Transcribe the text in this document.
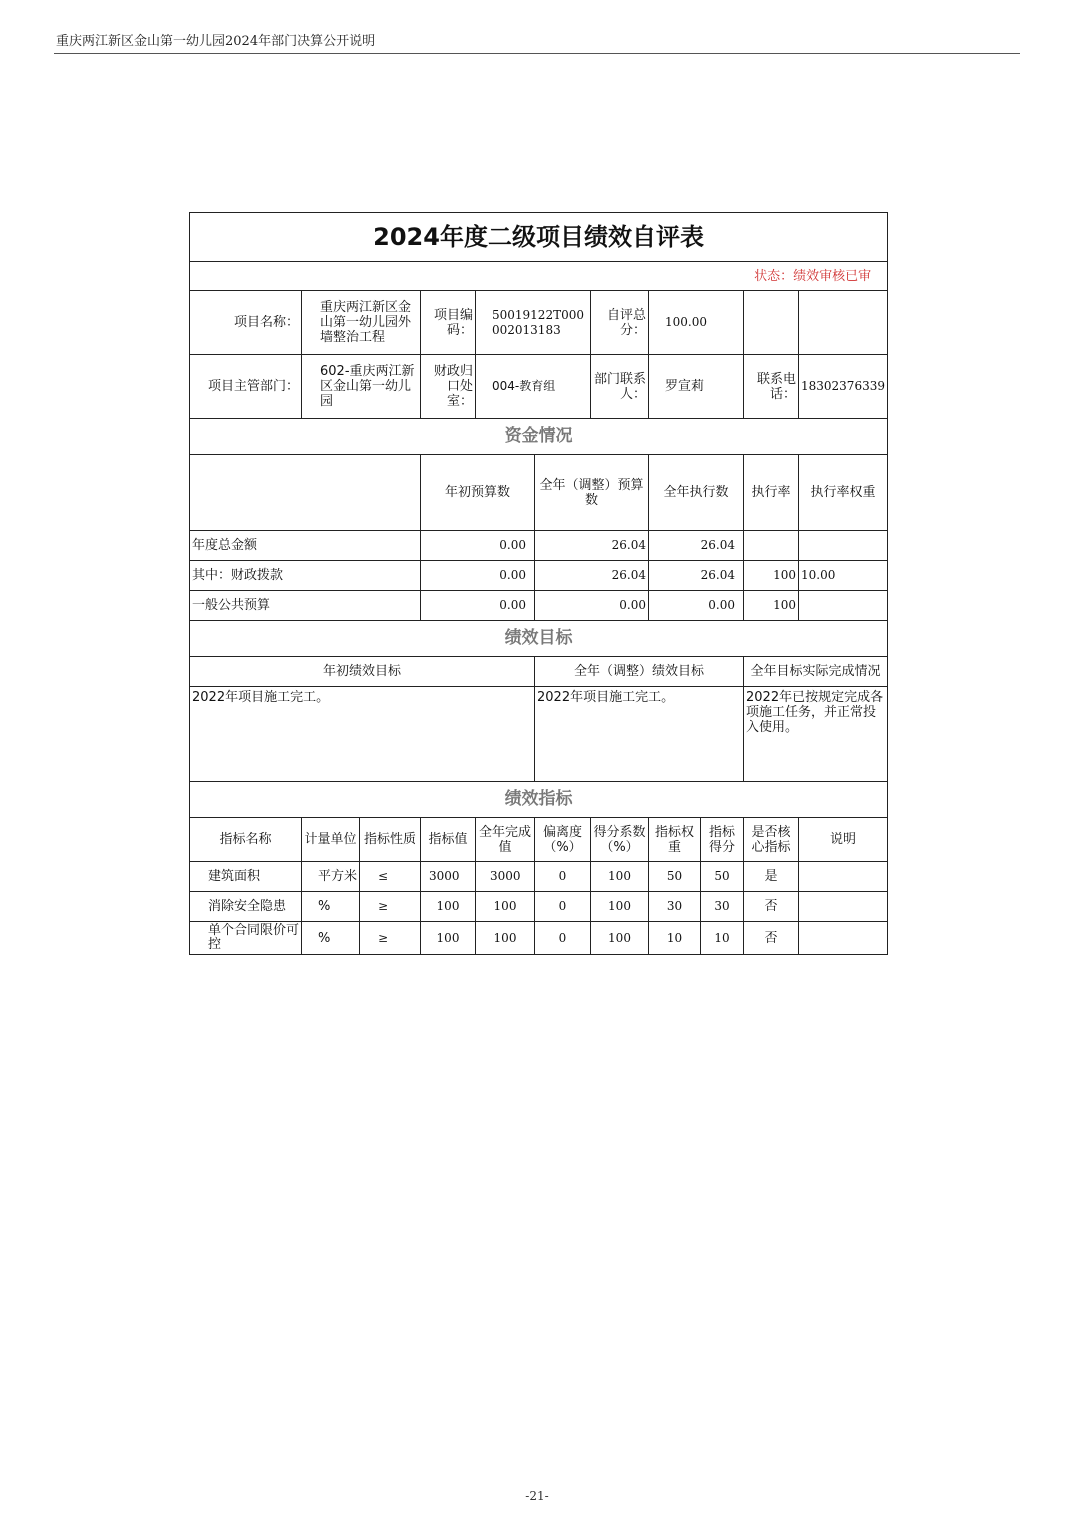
重庆两江新区金山第一幼儿园2024年部门决算公开说明
2024年度二级项目绩效自评表											
状态：绩效审核已审											
项目名称：	重庆两江新区金山第一幼儿园外墙整治工程		项目编码：	50019122T000002013183		自评总分：	100.00				
项目主管部门：	602-重庆两江新区金山第一幼儿园		财政归口处室：	004-教育组		部门联系人：	罗宣莉		联系电话：	18302376339	
资金情况											
			年初预算数		全年（调整）预算数		全年执行数		执行率	执行率权重	
年度总金额			0.00		26.04		26.04				
其中：财政拨款			0.00		26.04		26.04		100	10.00	
一般公共预算			0.00		0.00		0.00		100		
绩效目标											
年初绩效目标					全年（调整）绩效目标				全年目标实际完成情况		
2022年项目施工完工。					2022年项目施工完工。				2022年已按规定完成各项施工任务，并正常投入使用。		
绩效指标											
指标名称	计量单位	指标性质	指标值	全年完成值	偏离度（%）	得分系数（%）	指标权重	指标得分	是否核心指标	说明	
建筑面积	平方米	≤	3000	3000	0	100	50	50	是		
消除安全隐患	%	≥	100	100	0	100	30	30	否		
单个合同限价可控	%	≥	100	100	0	100	10	10	否		
-21-
